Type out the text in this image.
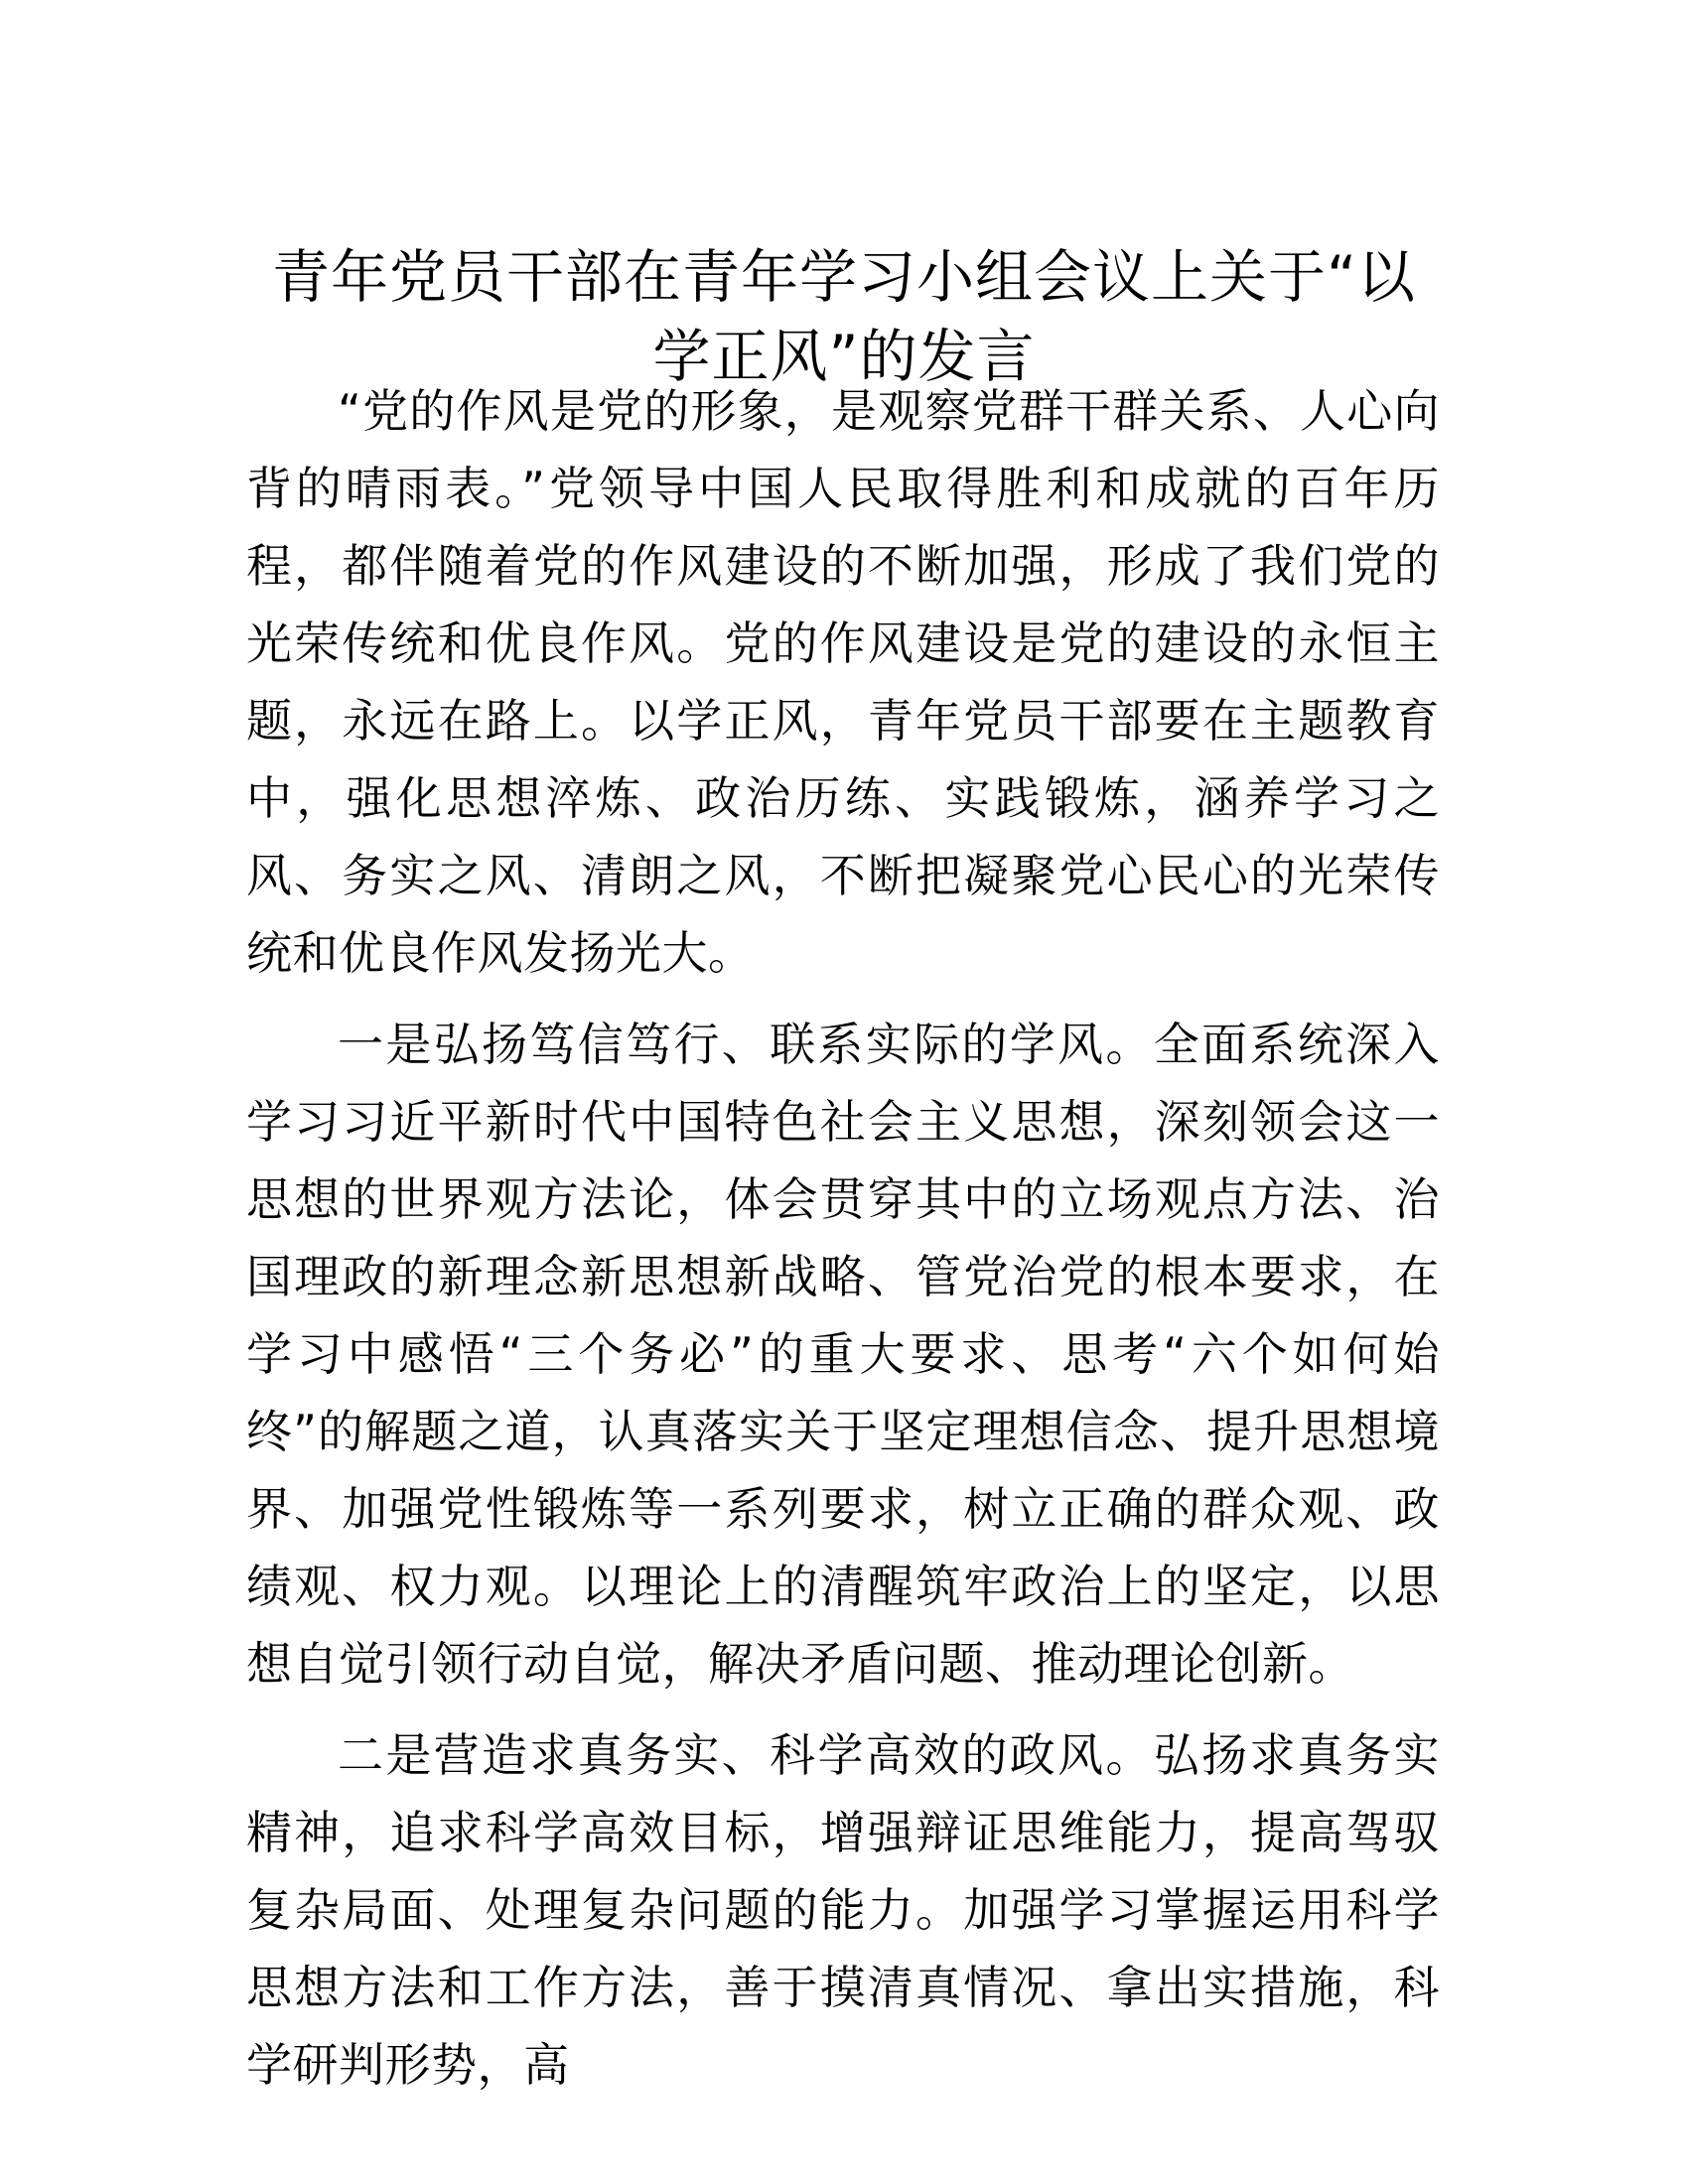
青年党员干部在青年学习小组会议上关于“以学正风”的发言

“党的作风是党的形象，是观察党群干群关系、人心向背的晴雨表。”党领导中国人民取得胜利和成就的百年历程，都伴随着党的作风建设的不断加强，形成了我们党的光荣传统和优良作风。党的作风建设是党的建设的永恒主题，永远在路上。以学正风，青年党员干部要在主题教育中，强化思想淬炼、政治历练、实践锻炼，涵养学习之风、务实之风、清朗之风，不断把凝聚党心民心的光荣传统和优良作风发扬光大。

一是弘扬笃信笃行、联系实际的学风。全面系统深入学习习近平新时代中国特色社会主义思想，深刻领会这一思想的世界观方法论，体会贯穿其中的立场观点方法、治国理政的新理念新思想新战略、管党治党的根本要求，在学习中感悟“三个务必”的重大要求、思考“六个如何始终”的解题之道，认真落实关于坚定理想信念、提升思想境界、加强党性锻炼等一系列要求，树立正确的群众观、政绩观、权力观。以理论上的清醒筑牢政治上的坚定，以思想自觉引领行动自觉，解决矛盾问题、推动理论创新。

二是营造求真务实、科学高效的政风。弘扬求真务实精神，追求科学高效目标，增强辩证思维能力，提高驾驭复杂局面、处理复杂问题的能力。加强学习掌握运用科学思想方法和工作方法，善于摸清真情况、拿出实措施，科学研判形势，高
